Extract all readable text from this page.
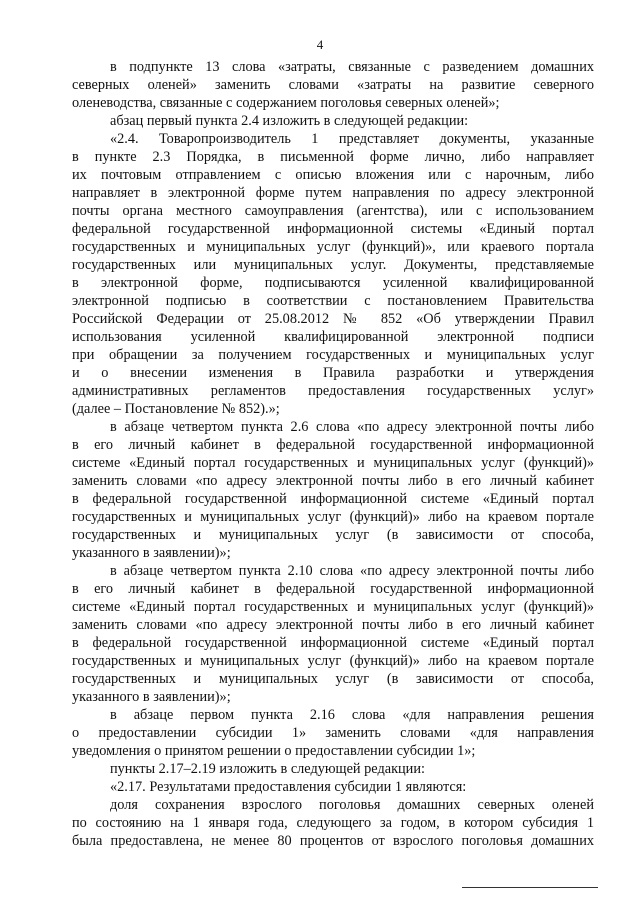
4
в подпункте 13 слова «затраты, связанные с разведением домашних
северных оленей» заменить словами «затраты на развитие северного
оленеводства, связанные с содержанием поголовья северных оленей»;
абзац первый пункта 2.4 изложить в следующей редакции:
«2.4. Товаропроизводитель 1 представляет документы, указанные
в пункте 2.3 Порядка, в письменной форме лично, либо направляет
их почтовым отправлением с описью вложения или с нарочным, либо
направляет в электронной форме путем направления по адресу электронной
почты органа местного самоуправления (агентства), или с использованием
федеральной государственной информационной системы «Единый портал
государственных и муниципальных услуг (функций)», или краевого портала
государственных или муниципальных услуг. Документы, представляемые
в электронной форме, подписываются усиленной квалифицированной
электронной подписью в соответствии с постановлением Правительства
Российской Федерации от 25.08.2012 № 852 «Об утверждении Правил
использования усиленной квалифицированной электронной подписи
при обращении за получением государственных и муниципальных услуг
и о внесении изменения в Правила разработки и утверждения
административных регламентов предоставления государственных услуг»
(далее – Постановление № 852).»;
в абзаце четвертом пункта 2.6 слова «по адресу электронной почты либо
в его личный кабинет в федеральной государственной информационной
системе «Единый портал государственных и муниципальных услуг (функций)»
заменить словами «по адресу электронной почты либо в его личный кабинет
в федеральной государственной информационной системе «Единый портал
государственных и муниципальных услуг (функций)» либо на краевом портале
государственных и муниципальных услуг (в зависимости от способа,
указанного в заявлении)»;
в абзаце четвертом пункта 2.10 слова «по адресу электронной почты либо
в его личный кабинет в федеральной государственной информационной
системе «Единый портал государственных и муниципальных услуг (функций)»
заменить словами «по адресу электронной почты либо в его личный кабинет
в федеральной государственной информационной системе «Единый портал
государственных и муниципальных услуг (функций)» либо на краевом портале
государственных и муниципальных услуг (в зависимости от способа,
указанного в заявлении)»;
в абзаце первом пункта 2.16 слова «для направления решения
о предоставлении субсидии 1» заменить словами «для направления
уведомления о принятом решении о предоставлении субсидии 1»;
пункты 2.17–2.19 изложить в следующей редакции:
«2.17. Результатами предоставления субсидии 1 являются:
доля сохранения взрослого поголовья домашних северных оленей
по состоянию на 1 января года, следующего за годом, в котором субсидия 1
была предоставлена, не менее 80 процентов от взрослого поголовья домашних
